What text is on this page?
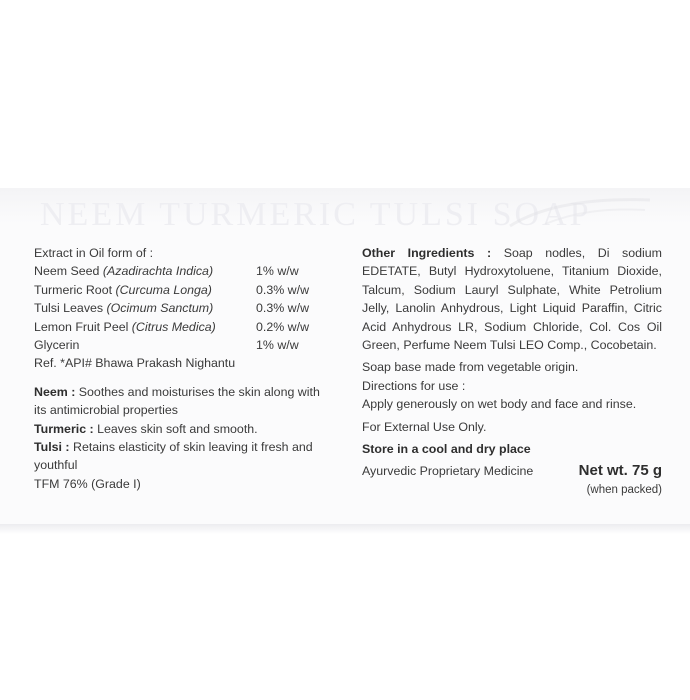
NEEM TURMERIC TULSI SOAP
Extract in Oil form of :
Neem Seed (Azadirachta Indica)	1% w/w
Turmeric Root (Curcuma Longa)	0.3% w/w
Tulsi Leaves (Ocimum Sanctum)	0.3% w/w
Lemon Fruit Peel (Citrus Medica)	0.2% w/w
Glycerin	1% w/w
Ref. *API# Bhawa Prakash Nighantu
Neem : Soothes and moisturises the skin along with its antimicrobial properties
Turmeric : Leaves skin soft and smooth.
Tulsi : Retains elasticity of skin leaving it fresh and youthful
TFM 76% (Grade I)
Other Ingredients : Soap nodles, Di sodium EDETATE, Butyl Hydroxytoluene, Titanium Dioxide, Talcum, Sodium Lauryl Sulphate, White Petrolium Jelly, Lanolin Anhydrous, Light Liquid Paraffin, Citric Acid Anhydrous LR, Sodium Chloride, Col. Cos Oil Green, Perfume Neem Tulsi LEO Comp., Cocobetain.
Soap base made from vegetable origin.
Directions for use :
Apply generously on wet body and face and rinse.
For External Use Only.
Store in a cool and dry place
Ayurvedic Proprietary Medicine	Net wt. 75 g
(when packed)
